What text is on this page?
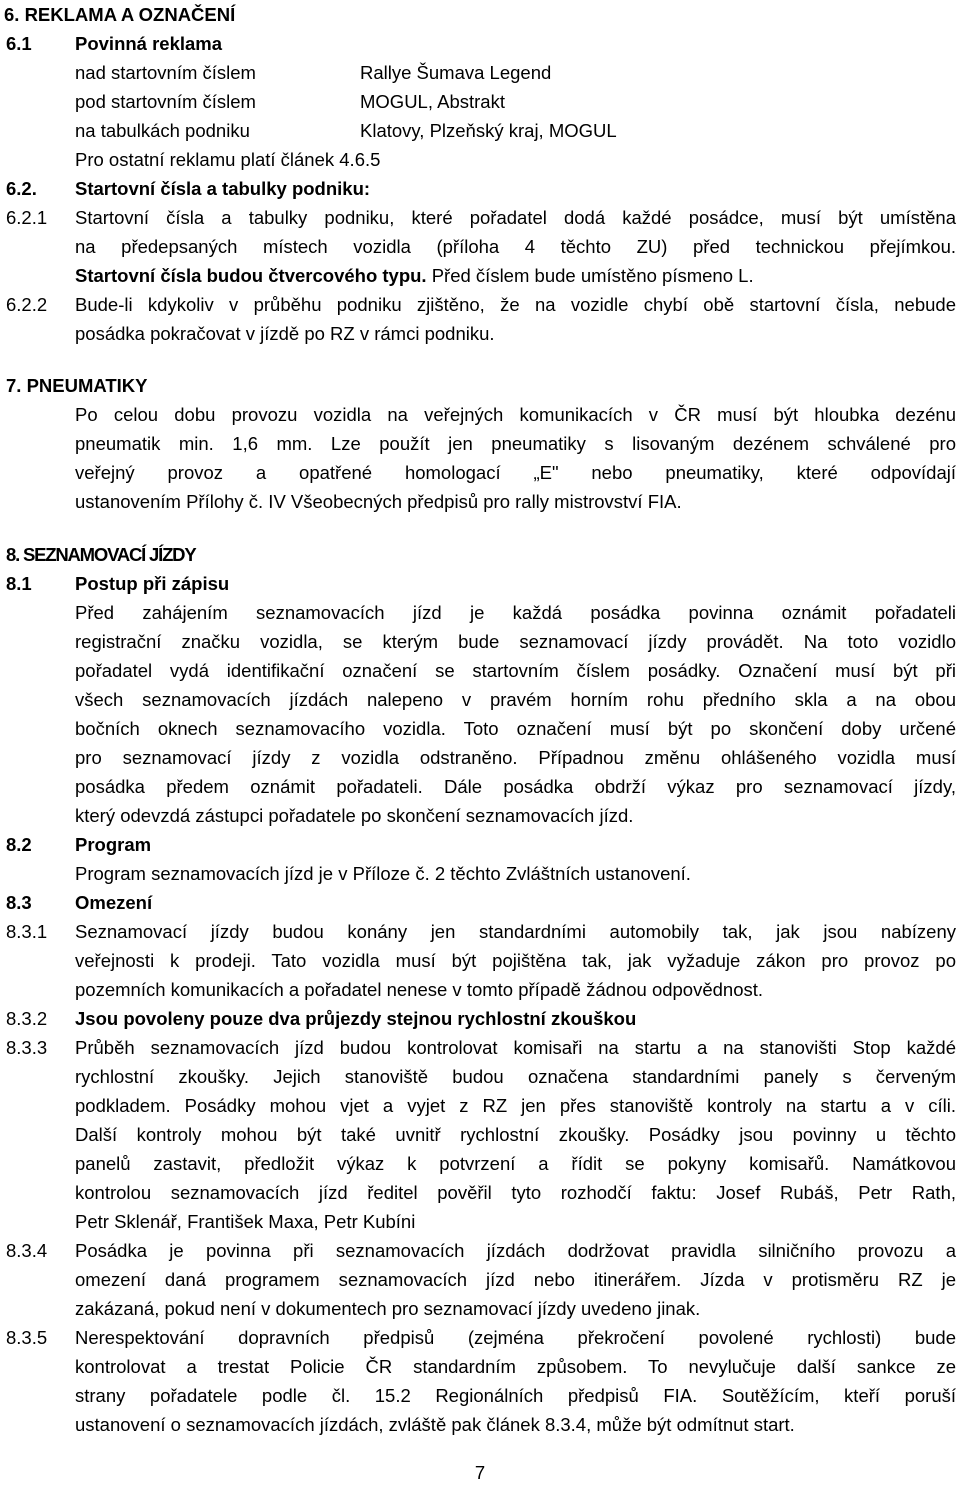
6. REKLAMA A OZNAČENÍ
6.1	Povinná reklama
nad startovním číslem	Rallye Šumava Legend
pod startovním číslem	MOGUL, Abstrakt
na tabulkách podniku	Klatovy, Plzeňský kraj, MOGUL
Pro ostatní reklamu platí článek 4.6.5
6.2.	Startovní čísla a tabulky podniku:
6.2.1	Startovní čísla a tabulky podniku, které pořadatel dodá každé posádce, musí být umístěna
na předepsaných místech vozidla (příloha 4 těchto ZU) před technickou přejímkou.
Startovní čísla budou čtvercového typu. Před číslem bude umístěno písmeno L.
6.2.2	Bude-li kdykoliv v průběhu podniku zjištěno, že na vozidle chybí obě startovní čísla, nebude
posádka pokračovat v jízdě po RZ v rámci podniku.
7. PNEUMATIKY
Po celou dobu provozu vozidla na veřejných komunikacích v ČR musí být hloubka dezénu
pneumatik min. 1,6 mm. Lze použít jen pneumatiky s lisovaným dezénem schválené pro
veřejný provoz a opatřené homologací „E" nebo pneumatiky, které odpovídají
ustanovením Přílohy č. IV Všeobecných předpisů pro rally mistrovství FIA.
8. SEZNAMOVACÍ JÍZDY
8.1	Postup při zápisu
Před zahájením seznamovacích jízd je každá posádka povinna oznámit pořadateli
registrační značku vozidla, se kterým bude seznamovací jízdy provádět. Na toto vozidlo
pořadatel vydá identifikační označení se startovním číslem posádky. Označení musí být při
všech seznamovacích jízdách nalepeno v pravém horním rohu předního skla a na obou
bočních oknech seznamovacího vozidla. Toto označení musí být po skončení doby určené
pro seznamovací jízdy z vozidla odstraněno. Případnou změnu ohlášeného vozidla musí
posádka předem oznámit pořadateli. Dále posádka obdrží výkaz pro seznamovací jízdy,
který odevzdá zástupci pořadatele po skončení seznamovacích jízd.
8.2	Program
Program seznamovacích jízd je v Příloze č. 2 těchto Zvláštních ustanovení.
8.3	Omezení
8.3.1	Seznamovací jízdy budou konány jen standardními automobily tak, jak jsou nabízeny
veřejnosti k prodeji. Tato vozidla musí být pojištěna tak, jak vyžaduje zákon pro provoz po
pozemních komunikacích a pořadatel nenese v tomto případě žádnou odpovědnost.
8.3.2	Jsou povoleny pouze dva průjezdy stejnou rychlostní zkouškou
8.3.3	Průběh seznamovacích jízd budou kontrolovat komisaři na startu a na stanovišti Stop každé
rychlostní zkoušky. Jejich stanoviště budou označena standardními panely s červeným
podkladem. Posádky mohou vjet a vyjet z RZ jen přes stanoviště kontroly na startu a v cíli.
Další kontroly mohou být také uvnitř rychlostní zkoušky. Posádky jsou povinny u těchto
panelů zastavit, předložit výkaz k potvrzení a řídit se pokyny komisařů. Namátkovou
kontrolou seznamovacích jízd ředitel pověřil tyto rozhodčí faktu: Josef Rubáš, Petr Rath,
Petr Sklenář, František Maxa, Petr Kubíni
8.3.4	Posádka je povinna při seznamovacích jízdách dodržovat pravidla silničního provozu a
omezení daná programem seznamovacích jízd nebo itinerářem. Jízda v protisměru RZ je
zakázaná, pokud není v dokumentech pro seznamovací jízdy uvedeno jinak.
8.3.5	Nerespektování dopravních předpisů (zejména překročení povolené rychlosti) bude
kontrolovat a trestat Policie ČR standardním způsobem. To nevylučuje další sankce ze
strany pořadatele podle čl. 15.2 Regionálních předpisů FIA. Soutěžícím, kteří poruší
ustanovení o seznamovacích jízdách, zvláště pak článek 8.3.4, může být odmítnut start.
7
